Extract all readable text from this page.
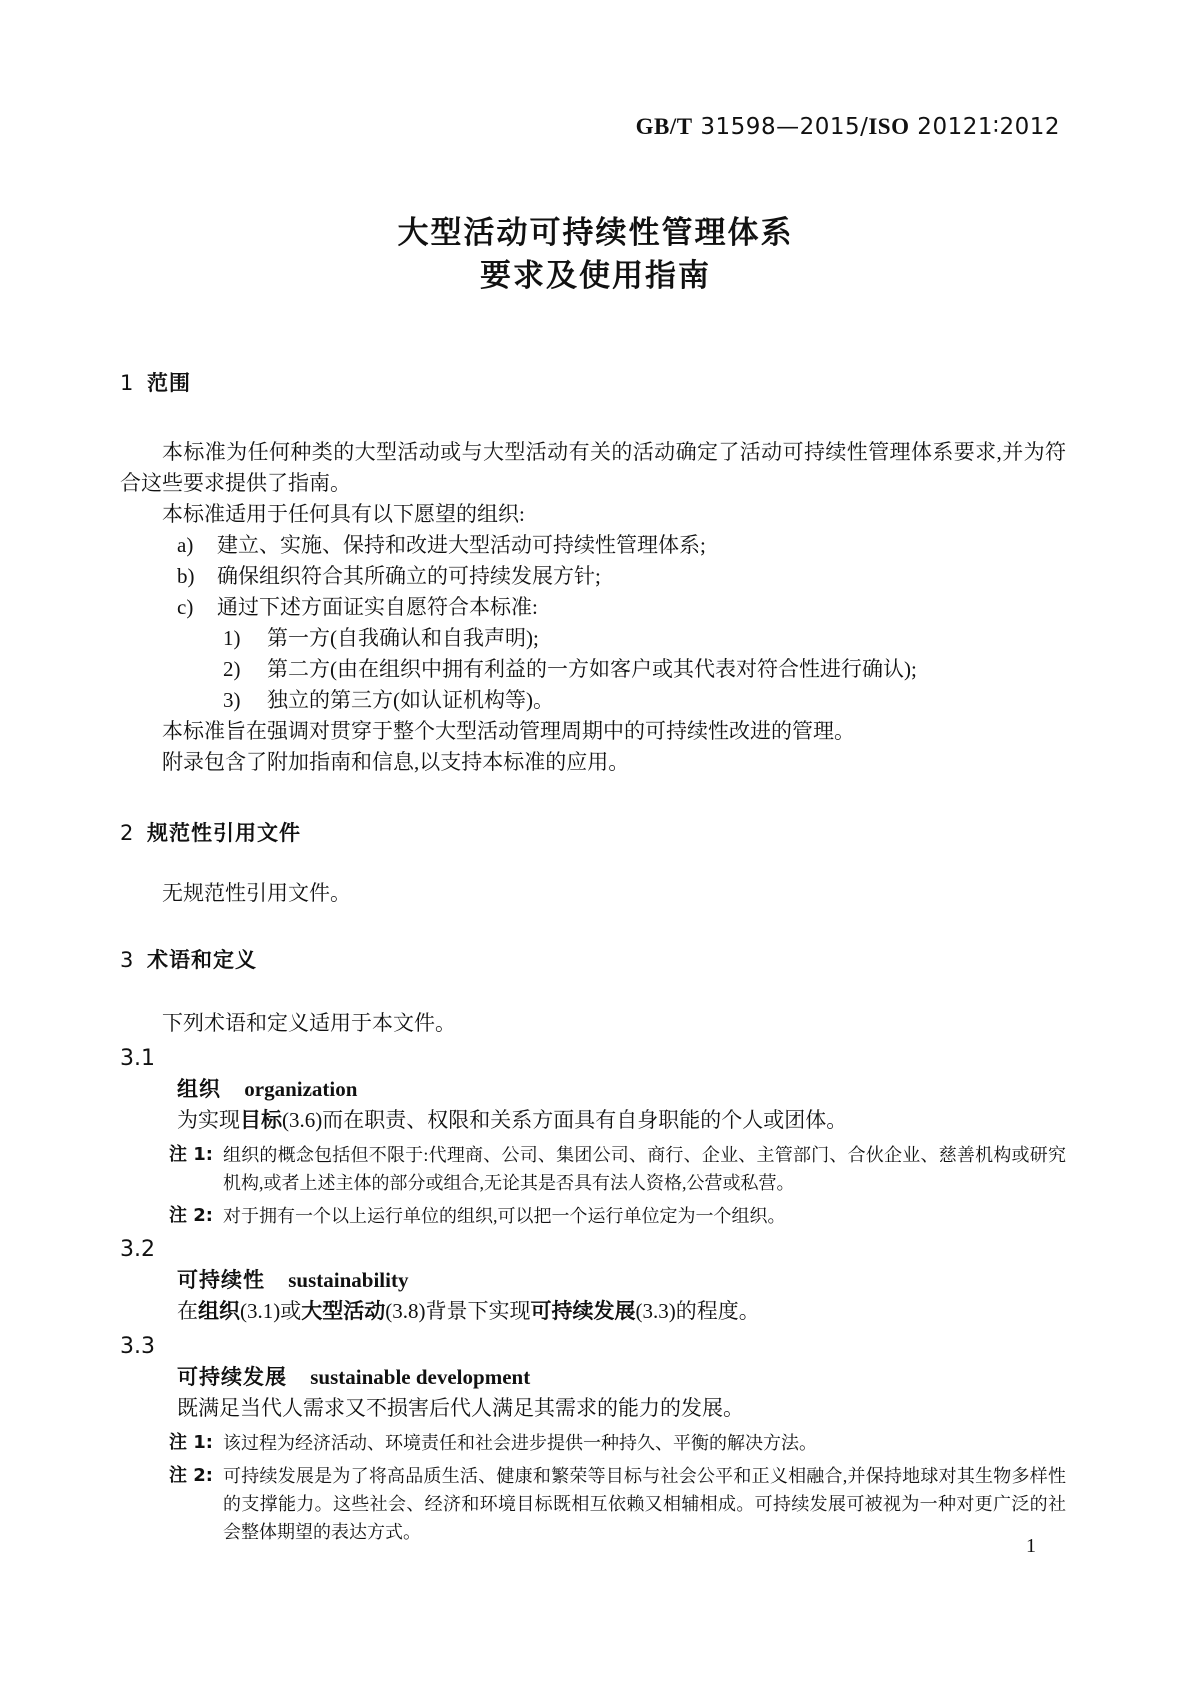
GB/T 31598—2015/ISO 20121∶2012
大型活动可持续性管理体系
要求及使用指南
1 范围

本标准为任何种类的大型活动或与大型活动有关的活动确定了活动可持续性管理体系要求,并为符合这些要求提供了指南。

本标准适用于任何具有以下愿望的组织:

a)	建立、实施、保持和改进大型活动可持续性管理体系;
b)	确保组织符合其所确立的可持续发展方针;
c)	通过下述方面证实自愿符合本标准:
1)	第一方(自我确认和自我声明);
2)	第二方(由在组织中拥有利益的一方如客户或其代表对符合性进行确认);
3)	独立的第三方(如认证机构等)。

本标准旨在强调对贯穿于整个大型活动管理周期中的可持续性改进的管理。

附录包含了附加指南和信息,以支持本标准的应用。

2 规范性引用文件

无规范性引用文件。

3 术语和定义

下列术语和定义适用于本文件。

3.1
组织 organization
为实现目标(3.6)而在职责、权限和关系方面具有自身职能的个人或团体。
注 1: 组织的概念包括但不限于:代理商、公司、集团公司、商行、企业、主管部门、合伙企业、慈善机构或研究机构,或者上述主体的部分或组合,无论其是否具有法人资格,公营或私营。
注 2: 对于拥有一个以上运行单位的组织,可以把一个运行单位定为一个组织。
3.2
可持续性 sustainability
在组织(3.1)或大型活动(3.8)背景下实现可持续发展(3.3)的程度。
3.3
可持续发展 sustainable development
既满足当代人需求又不损害后代人满足其需求的能力的发展。
注 1: 该过程为经济活动、环境责任和社会进步提供一种持久、平衡的解决方法。
注 2: 可持续发展是为了将高品质生活、健康和繁荣等目标与社会公平和正义相融合,并保持地球对其生物多样性的支撑能力。这些社会、经济和环境目标既相互依赖又相辅相成。可持续发展可被视为一种对更广泛的社会整体期望的表达方式。
1
